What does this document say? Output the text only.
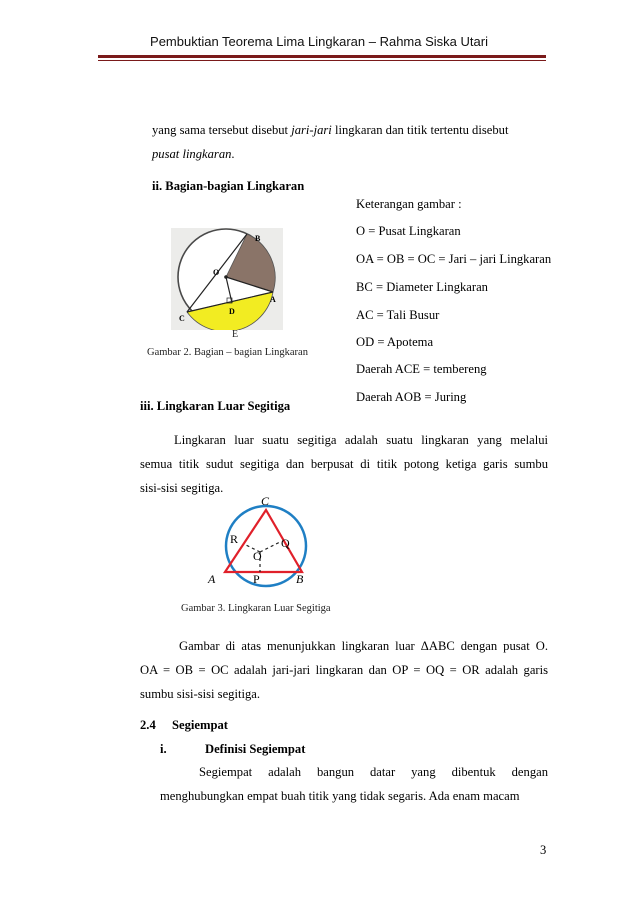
Pembuktian Teorema Lima Lingkaran – Rahma Siska Utari
yang sama tersebut disebut jari-jari lingkaran dan titik tertentu disebut
pusat lingkaran.
ii. Bagian-bagian Lingkaran
B
O
A
C
D
E
Gambar 2. Bagian – bagian Lingkaran
Keterangan gambar :
O = Pusat Lingkaran
OA = OB = OC = Jari – jari Lingkaran
BC = Diameter Lingkaran
AC = Tali Busur
OD = Apotema
Daerah ACE = tembereng
Daerah AOB = Juring
iii. Lingkaran Luar Segitiga
Lingkaran luar suatu segitiga adalah suatu lingkaran yang melalui
semua titik sudut segitiga dan berpusat di titik potong ketiga garis sumbu
sisi-sisi segitiga.
C
R	Q
O
A	P	B
Gambar 3. Lingkaran Luar Segitiga
Gambar di atas menunjukkan lingkaran luar ΔABC dengan pusat O.
OA = OB = OC adalah jari-jari lingkaran dan OP = OQ = OR adalah garis
sumbu sisi-sisi segitiga.
2.4 Segiempat
i.	Definisi Segiempat
Segiempat adalah bangun datar yang dibentuk dengan
menghubungkan empat buah titik yang tidak segaris. Ada enam macam
3
